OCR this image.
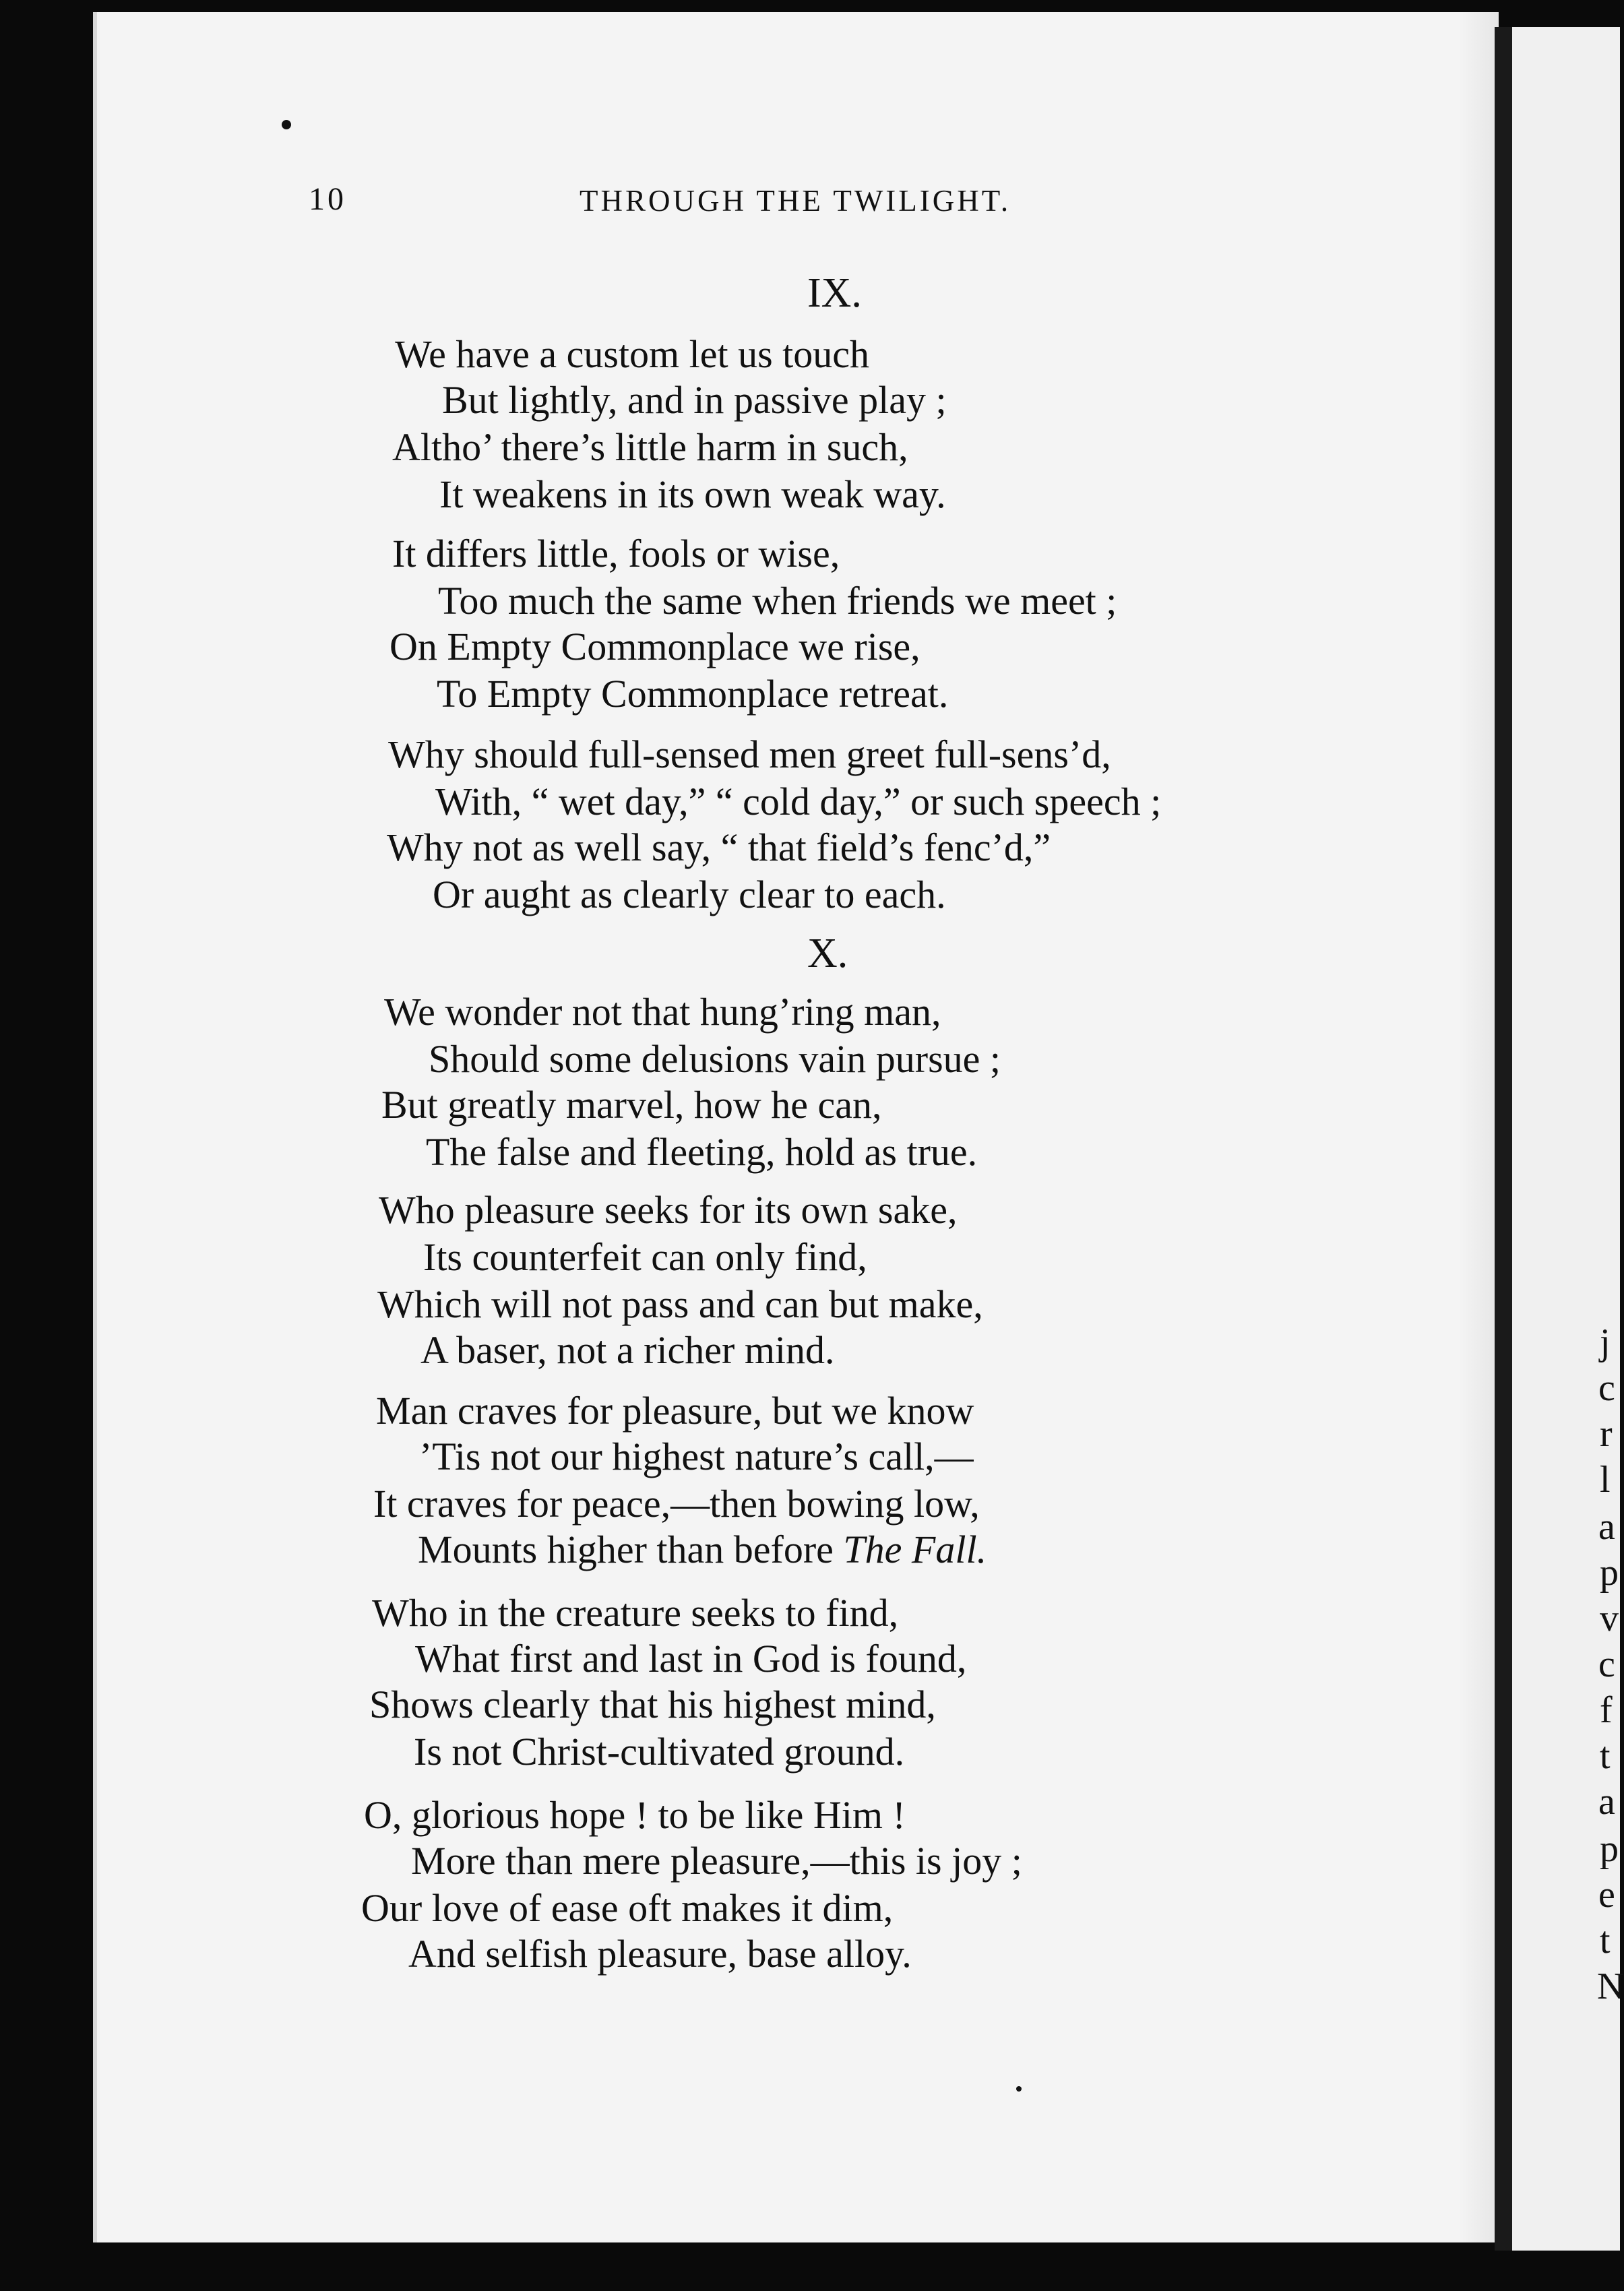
10	THROUGH THE TWILIGHT.
IX.
We have a custom let us touch
But lightly, and in passive play ;
Altho’ there’s little harm in such,
It weakens in its own weak way.
It differs little, fools or wise,
Too much the same when friends we meet ;
On Empty Commonplace we rise,
To Empty Commonplace retreat.
Why should full-sensed men greet full-sens’d,
With, “ wet day,” “ cold day,” or such speech ;
Why not as well say, “ that field’s fenc’d,”
Or aught as clearly clear to each.
X.
We wonder not that hung’ring man,
Should some delusions vain pursue ;
But greatly marvel, how he can,
The false and fleeting, hold as true.
Who pleasure seeks for its own sake,
Its counterfeit can only find,
Which will not pass and can but make,
A baser, not a richer mind.
Man craves for pleasure, but we know
’Tis not our highest nature’s call,—
It craves for peace,—then bowing low,
Mounts higher than before The Fall.
Who in the creature seeks to find,
What first and last in God is found,
Shows clearly that his highest mind,
Is not Christ-cultivated ground.
O, glorious hope ! to be like Him !
More than mere pleasure,—this is joy ;
Our love of ease oft makes it dim,
And selfish pleasure, base alloy.
j
c
r
l
a
p
v
c
f
t
a
p
e
t
N
